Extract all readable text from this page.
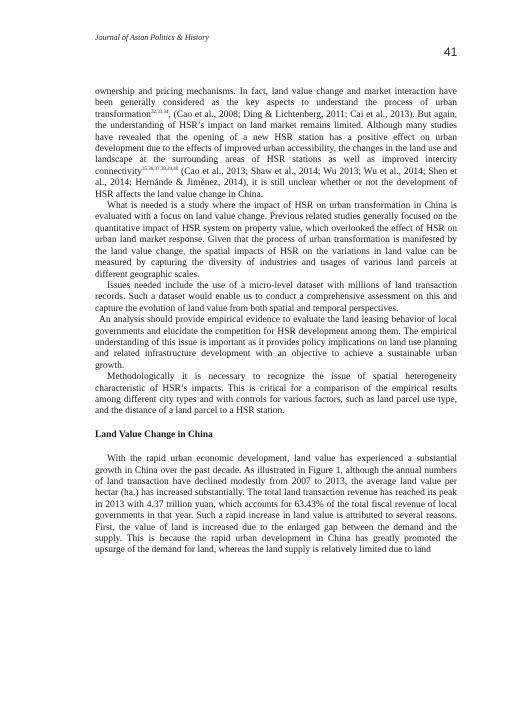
Journal of Asian Politics & History
41

ownership and pricing mechanisms. In fact, land value change and market interaction have been generally considered as the key aspects to understand the process of urban transformation$^{32,33,34}$, (Cao et al., 2008; Ding & Lichtenberg, 2011; Cai et al., 2013). But again, the understanding of HSR’s impact on land market remains limited. Although many studies have revealed that the opening of a new HSR station has a positive effect on urban development due to the effects of improved urban accessibility, the changes in the land use and landscape at the surrounding areas of HSR stations as well as improved intercity connectivity$^{35,36,37,38,39,40}$ (Cao et al., 2013; Shaw et al., 2014; Wu 2013; Wu et al., 2014; Shen et al., 2014; Hernánde & Jiménez, 2014), it is still unclear whether or not the development of HSR affects the land value change in China.

What is needed is a study where the impact of HSR on urban transformation in China is evaluated with a focus on land value change. Previous related studies generally focused on the quantitative impact of HSR system on property value, which overlooked the effect of HSR on urban land market response. Given that the process of urban transformation is manifested by the land value change, the spatial impacts of HSR on the variations in land value can be measured by capturing the diversity of industries and usages of various land parcels at different geographic scales.

Issues needed include the use of a micro-level dataset with millions of land transaction records. Such a dataset would enable us to conduct a comprehensive assessment on this and capture the evolution of land value from both spatial and temporal perspectives.

An analysis should provide empirical evidence to evaluate the land leasing behavior of local governments and elucidate the competition for HSR development among them. The empirical understanding of this issue is important as it provides policy implications on land use planning and related infrastructure development with an objective to achieve a sustainable urban growth.

Methodologically it is necessary to recognize the issue of spatial heterogeneity characteristic of HSR’s impacts. This is critical for a comparison of the empirical results among different city types and with controls for various factors, such as land parcel use type, and the distance of a land parcel to a HSR station.

Land Value Change in China

With the rapid urban economic development, land value has experienced a substantial growth in China over the past decade. As illustrated in Figure 1, although the annual numbers of land transaction have declined modestly from 2007 to 2013, the average land value per hectar (ha.) has increased substantially. The total land transaction revenue has reached its peak in 2013 with 4.37 trillion yuan, which accounts for 63.43% of the total fiscal revenue of local governments in that year. Such a rapid increase in land value is attributed to several reasons. First, the value of land is increased due to the enlarged gap between the demand and the supply. This is because the rapid urban development in China has greatly promoted the upsurge of the demand for land, whereas the land supply is relatively limited due to land
